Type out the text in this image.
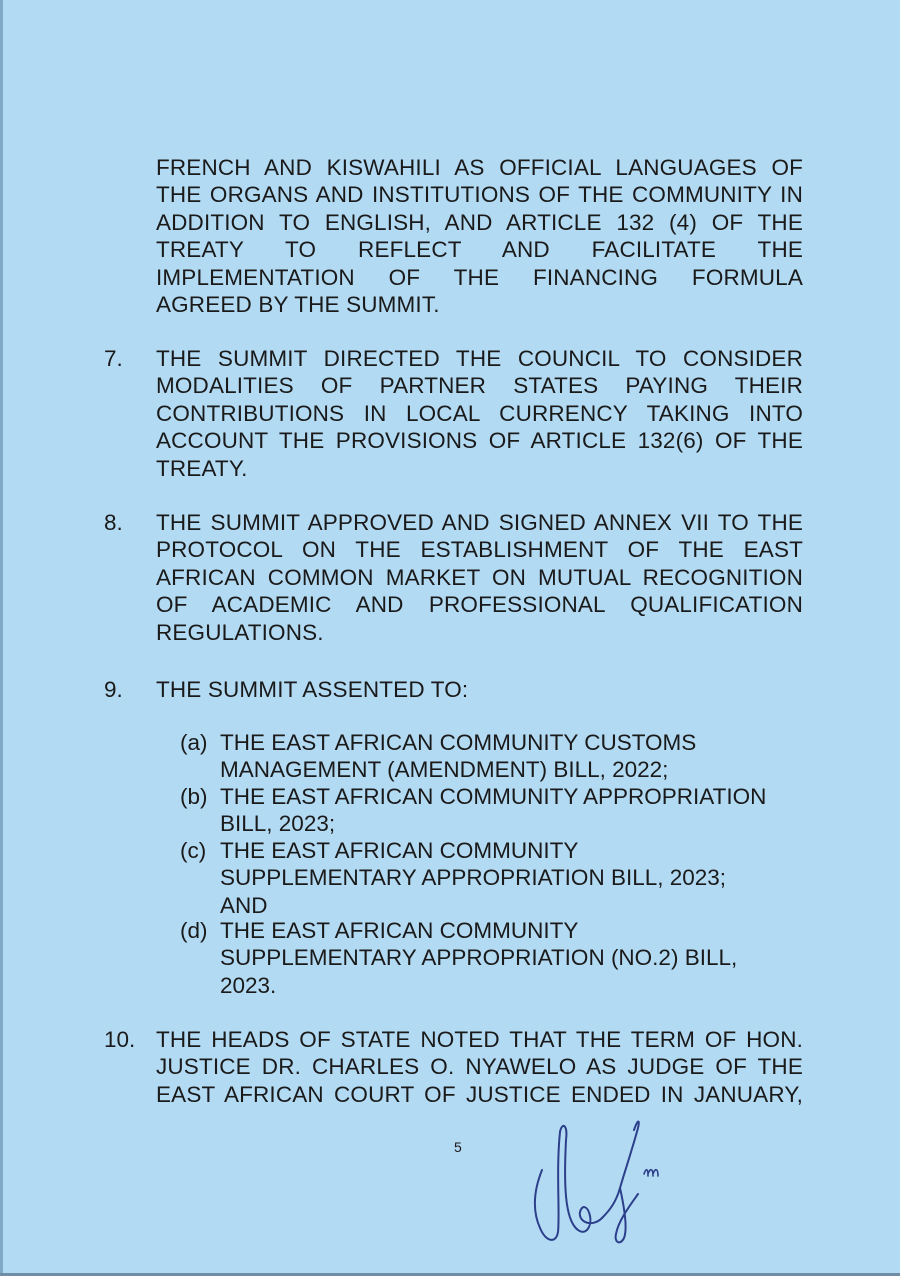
FRENCH AND KISWAHILI AS OFFICIAL LANGUAGES OF
THE ORGANS AND INSTITUTIONS OF THE COMMUNITY IN
ADDITION TO ENGLISH, AND ARTICLE 132 (4) OF THE
TREATY TO REFLECT AND FACILITATE THE
IMPLEMENTATION OF THE FINANCING FORMULA
AGREED BY THE SUMMIT.
7. THE SUMMIT DIRECTED THE COUNCIL TO CONSIDER
MODALITIES OF PARTNER STATES PAYING THEIR
CONTRIBUTIONS IN LOCAL CURRENCY TAKING INTO
ACCOUNT THE PROVISIONS OF ARTICLE 132(6) OF THE
TREATY.
8. THE SUMMIT APPROVED AND SIGNED ANNEX VII TO THE
PROTOCOL ON THE ESTABLISHMENT OF THE EAST
AFRICAN COMMON MARKET ON MUTUAL RECOGNITION
OF ACADEMIC AND PROFESSIONAL QUALIFICATION
REGULATIONS.
9. THE SUMMIT ASSENTED TO:
(a) THE EAST AFRICAN COMMUNITY CUSTOMS
MANAGEMENT (AMENDMENT) BILL, 2022;
(b) THE EAST AFRICAN COMMUNITY APPROPRIATION
BILL, 2023;
(c) THE EAST AFRICAN COMMUNITY
SUPPLEMENTARY APPROPRIATION BILL, 2023;
AND
(d) THE EAST AFRICAN COMMUNITY
SUPPLEMENTARY APPROPRIATION (NO.2) BILL,
2023.
10. THE HEADS OF STATE NOTED THAT THE TERM OF HON.
JUSTICE DR. CHARLES O. NYAWELO AS JUDGE OF THE
EAST AFRICAN COURT OF JUSTICE ENDED IN JANUARY,
5
